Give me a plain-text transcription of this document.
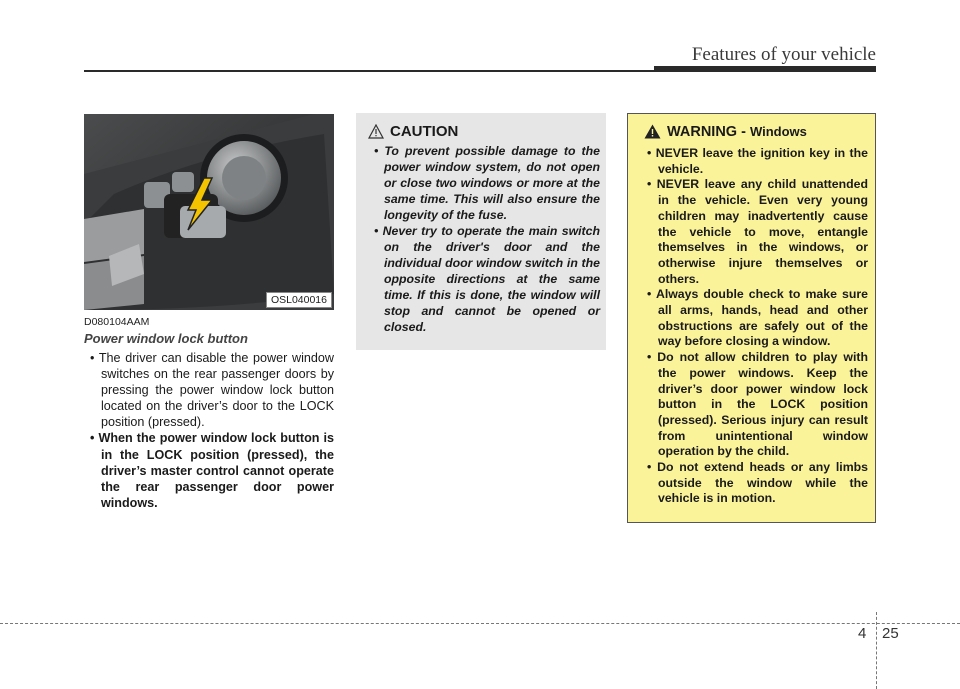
Features of your vehicle
OSL040016
D080104AAM
Power window lock button
• The driver can disable the power window switches on the rear passenger doors by pressing the power window lock button located on the driver’s door to the LOCK position (pressed).
• When the power window lock button is in the LOCK position (pressed), the driver’s master control cannot operate the rear passenger door power windows.
CAUTION
• To prevent possible damage to the power window system, do not open or close two windows or more at the same time. This will also ensure the longevity of the fuse.
• Never try to operate the main switch on the driver's door and the individual door window switch in the opposite directions at the same time. If this is done, the window will stop and cannot be opened or closed.
WARNING - Windows
• NEVER leave the ignition key in the vehicle.
• NEVER leave any child unattended in the vehicle. Even very young children may inadvertently cause the vehicle to move, entangle themselves in the windows, or otherwise injure themselves or others.
• Always double check to make sure all arms, hands, head and other obstructions are safely out of the way before closing a window.
• Do not allow children to play with the power windows. Keep the driver’s door power window lock button in the LOCK position (pressed). Serious injury can result from unintentional window operation by the child.
• Do not extend heads or any limbs outside the window while the vehicle is in motion.
4 25
